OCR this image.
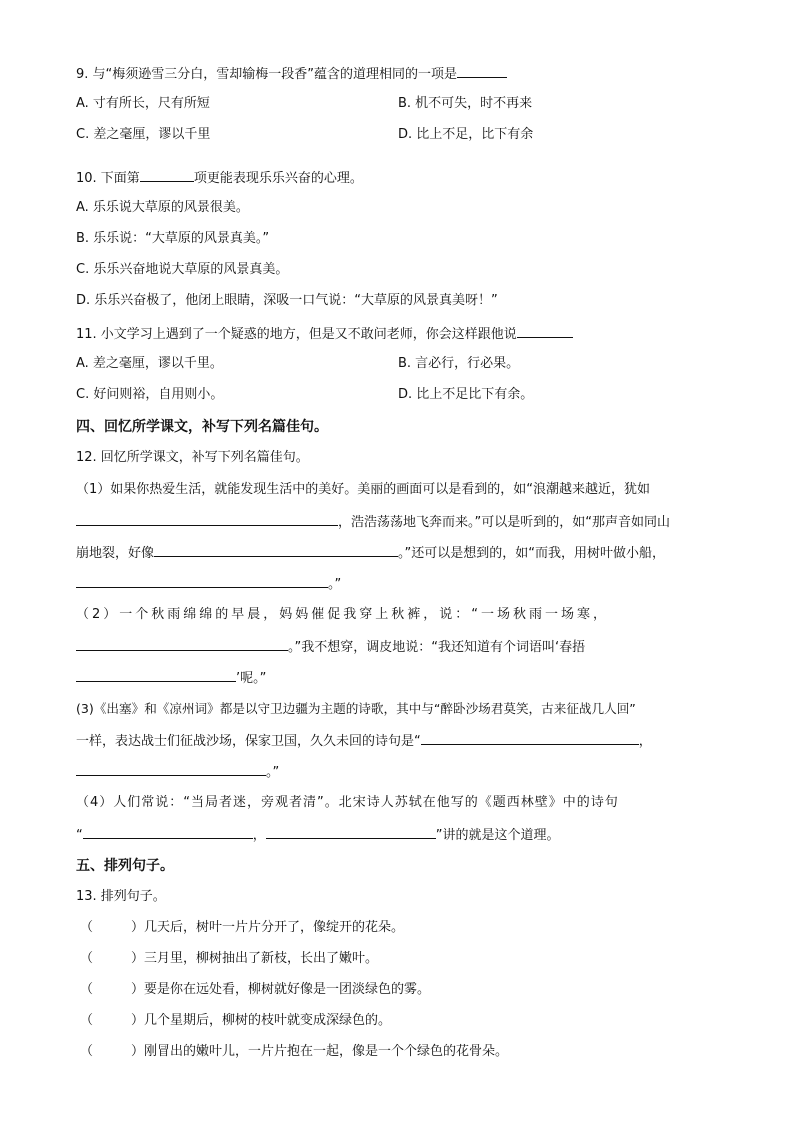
9. 与“梅须逊雪三分白，雪却输梅一段香”蕴含的道理相同的一项是
A. 寸有所长，尺有所短	B. 机不可失，时不再来
C. 差之毫厘，谬以千里	D. 比上不足，比下有余
10. 下面第	项更能表现乐乐兴奋的心理。
A. 乐乐说大草原的风景很美。
B. 乐乐说：“大草原的风景真美。”
C. 乐乐兴奋地说大草原的风景真美。
D. 乐乐兴奋极了，他闭上眼睛，深吸一口气说：“大草原的风景真美呀！”
11. 小文学习上遇到了一个疑惑的地方，但是又不敢问老师，你会这样跟他说
A. 差之毫厘，谬以千里。	B. 言必行，行必果。
C. 好问则裕，自用则小。	D. 比上不足比下有余。
四、回忆所学课文，补写下列名篇佳句。
12. 回忆所学课文，补写下列名篇佳句。
（1）如果你热爱生活，就能发现生活中的美好。美丽的画面可以是看到的，如“浪潮越来越近，犹如
，浩浩荡荡地飞奔而来。”可以是听到的，如“那声音如同山
崩地裂，好像	。”还可以是想到的，如“而我，用树叶做小船，
。”
（2）一个秋雨绵绵的早晨，妈妈催促我穿上秋裤，说：“一场秋雨一场寒，
。”我不想穿，调皮地说：“我还知道有个词语叫‘春捂
’呢。”
(3)《出塞》和《凉州词》都是以守卫边疆为主题的诗歌，其中与“醉卧沙场君莫笑，古来征战几人回”
一样，表达战士们征战沙场，保家卫国，久久未回的诗句是“	，
。”
（4）人们常说：“当局者迷，旁观者清”。北宋诗人苏轼在他写的《题西林壁》中的诗句
“	，	”讲的就是这个道理。
五、排列句子。
13. 排列句子。
（	）几天后，树叶一片片分开了，像绽开的花朵。
（	）三月里，柳树抽出了新枝，长出了嫩叶。
（	）要是你在远处看，柳树就好像是一团淡绿色的雾。
（	）几个星期后，柳树的枝叶就变成深绿色的。
（	）刚冒出的嫩叶儿，一片片抱在一起，像是一个个绿色的花骨朵。
